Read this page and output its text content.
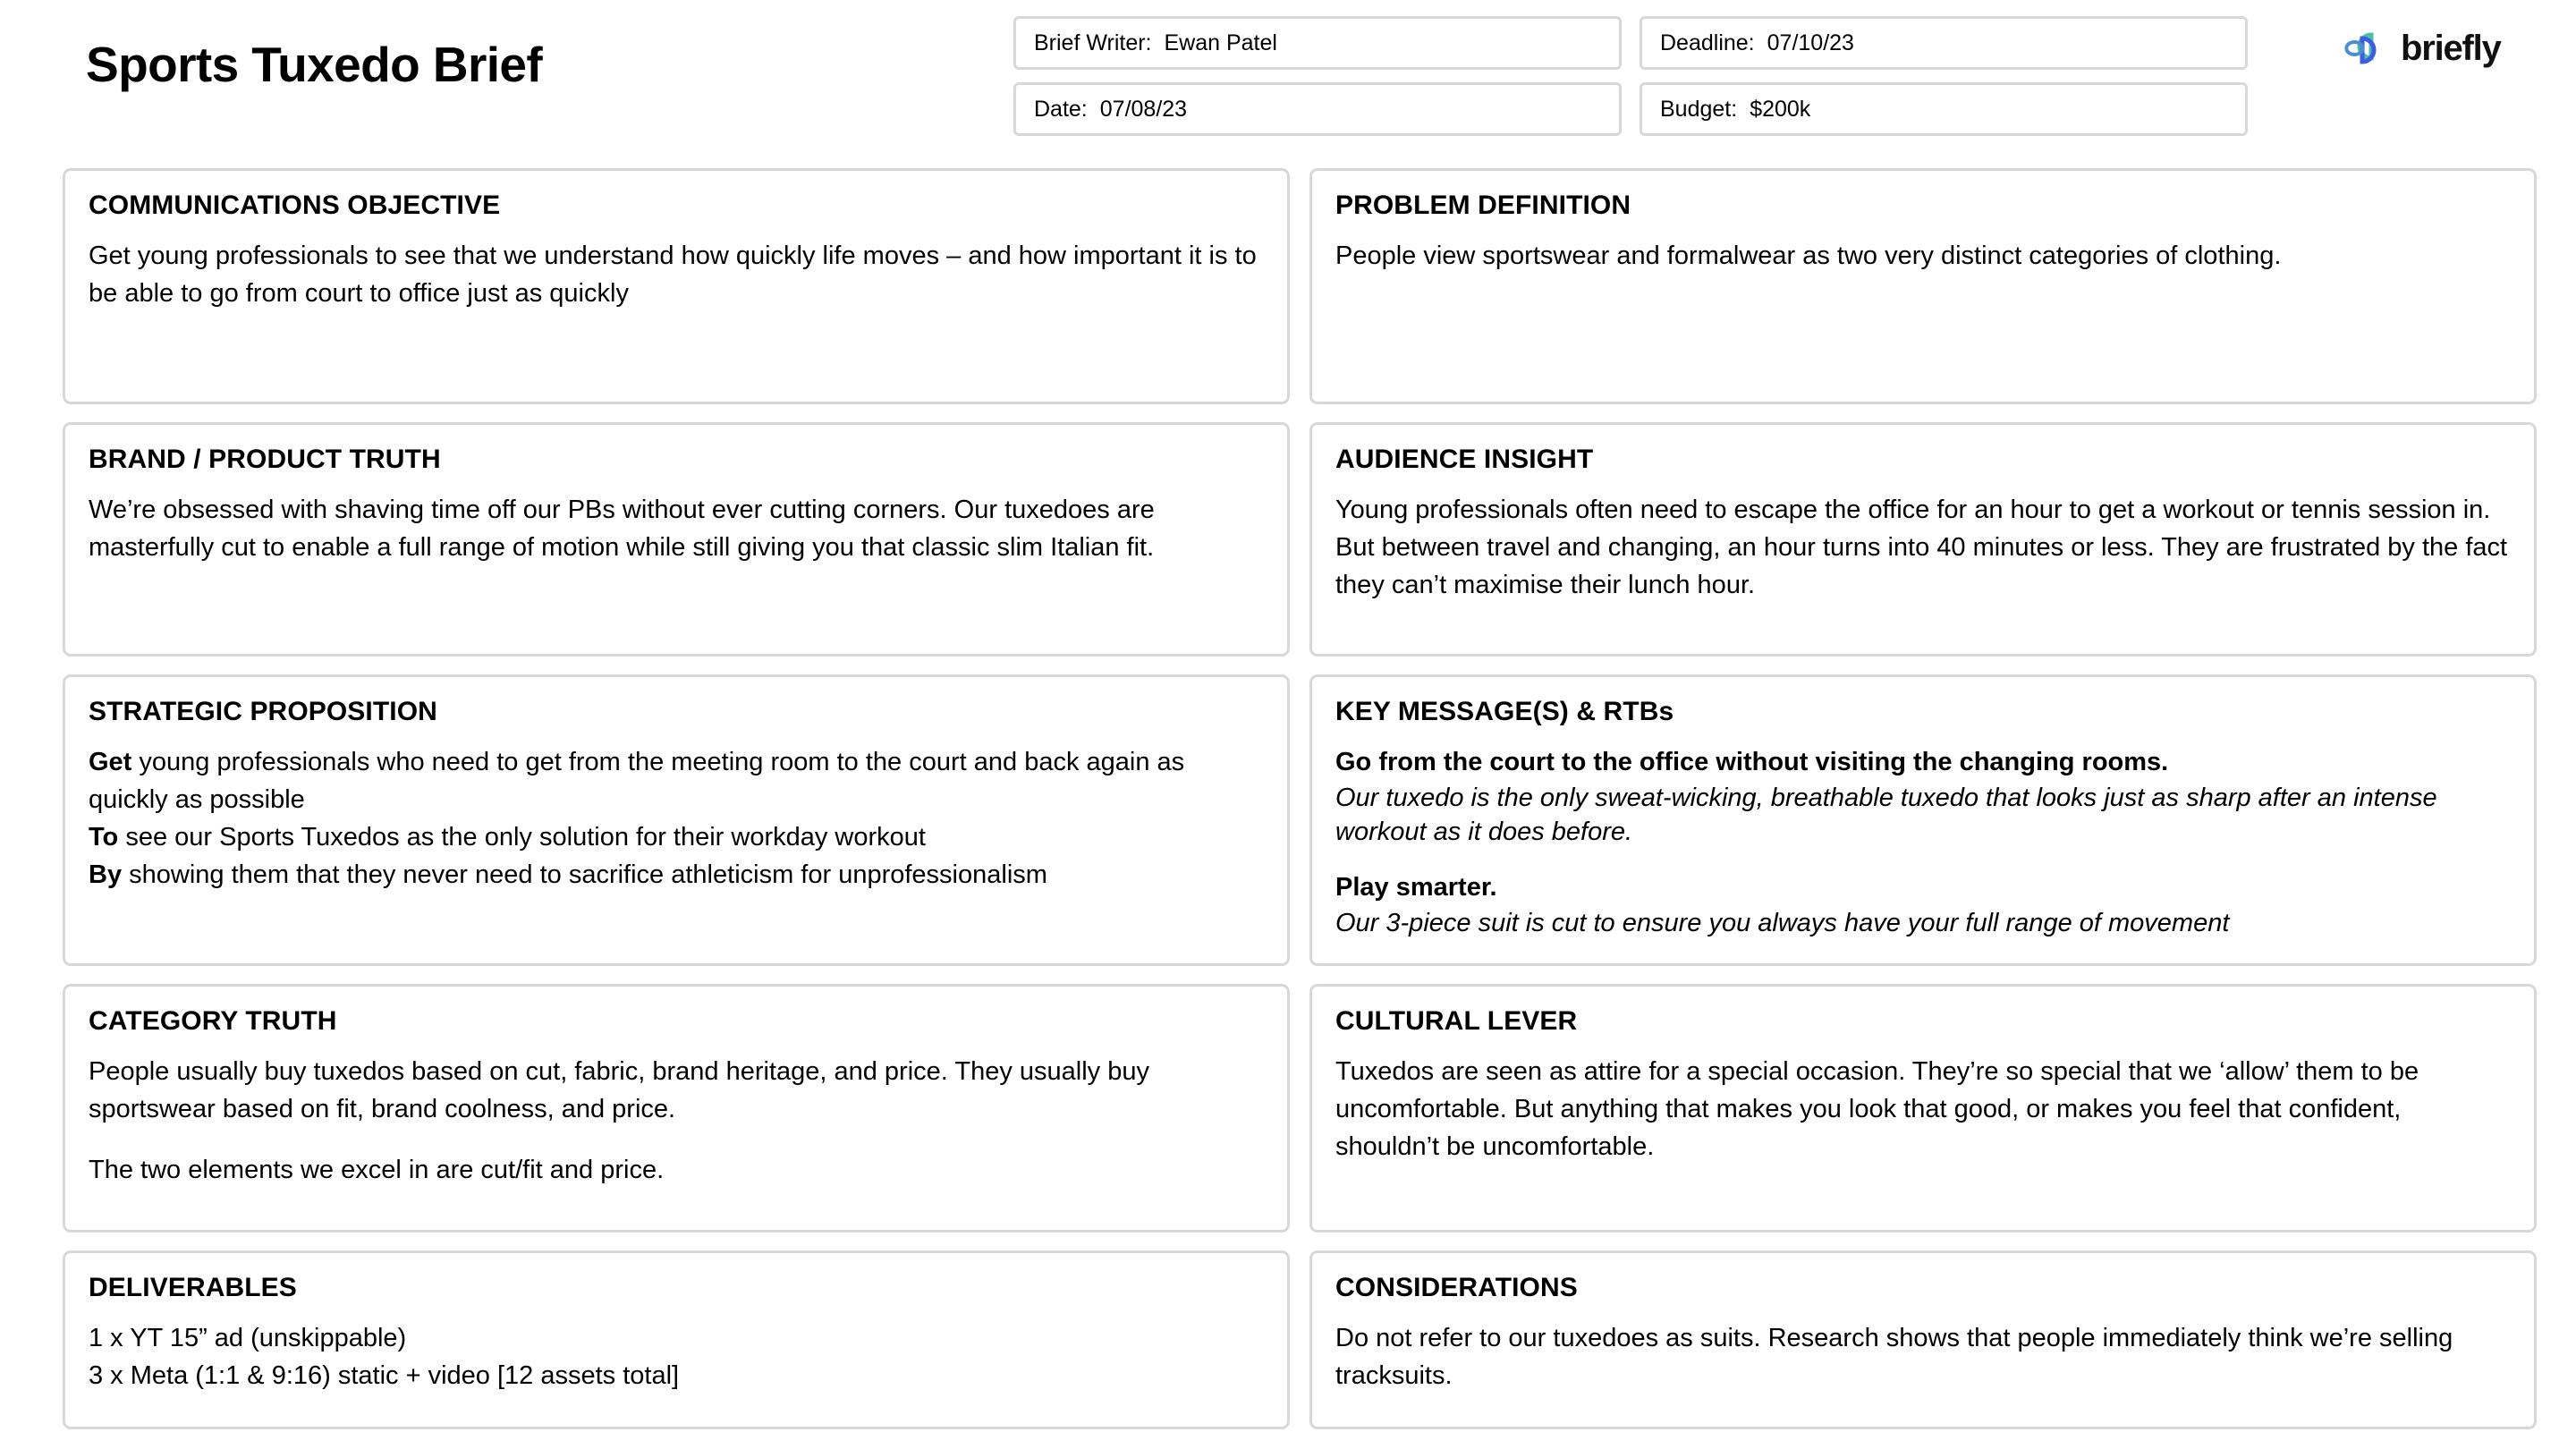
Sports Tuxedo Brief	Brief Writer: Ewan Patel	Deadline: 07/10/23
Date: 07/08/23	Budget: $200k
briefly
COMMUNICATIONS OBJECTIVE
Get young professionals to see that we understand how quickly life moves – and how important it is to be able to go from court to office just as quickly
PROBLEM DEFINITION
People view sportswear and formalwear as two very distinct categories of clothing.
BRAND / PRODUCT TRUTH
We’re obsessed with shaving time off our PBs without ever cutting corners. Our tuxedoes are masterfully cut to enable a full range of motion while still giving you that classic slim Italian fit.
AUDIENCE INSIGHT
Young professionals often need to escape the office for an hour to get a workout or tennis session in. But between travel and changing, an hour turns into 40 minutes or less. They are frustrated by the fact they can’t maximise their lunch hour.
STRATEGIC PROPOSITION
Get young professionals who need to get from the meeting room to the court and back again as quickly as possible
To see our Sports Tuxedos as the only solution for their workday workout
By showing them that they never need to sacrifice athleticism for unprofessionalism
KEY MESSAGE(S) & RTBs
Go from the court to the office without visiting the changing rooms.
Our tuxedo is the only sweat-wicking, breathable tuxedo that looks just as sharp after an intense workout as it does before.
Play smarter.
Our 3-piece suit is cut to ensure you always have your full range of movement
CATEGORY TRUTH
People usually buy tuxedos based on cut, fabric, brand heritage, and price. They usually buy sportswear based on fit, brand coolness, and price.
The two elements we excel in are cut/fit and price.
CULTURAL LEVER
Tuxedos are seen as attire for a special occasion. They’re so special that we ‘allow’ them to be uncomfortable. But anything that makes you look that good, or makes you feel that confident, shouldn’t be uncomfortable.
DELIVERABLES
1 x YT 15” ad (unskippable)
3 x Meta (1:1 & 9:16) static + video [12 assets total]
CONSIDERATIONS
Do not refer to our tuxedoes as suits. Research shows that people immediately think we’re selling tracksuits.
